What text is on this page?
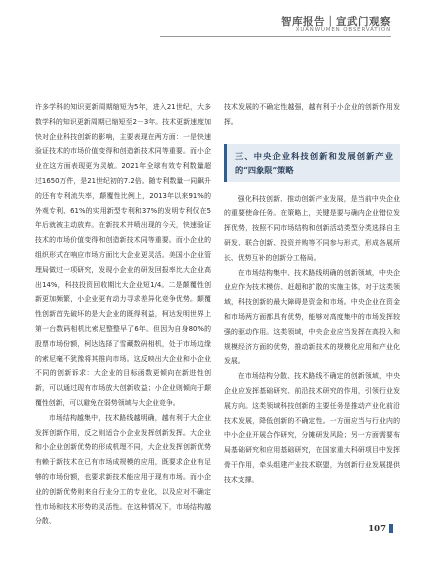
智库报告｜宣武门观察
XUANWUMEN OBSERVATION

许多学科的知识更新周期缩短为5年，进入21世纪，大多数学科的知识更新周期已缩短至2－3年。技术更新速度加快对企业科技创新的影响，主要表现在两方面：一是快速验证技术的市场价值变得和创造新技术同等重要。而小企业在这方面表现更为灵敏。2021年全球有效专利数量超过1650万件，是21世纪初的7.2倍。随专利数量一同飙升的还有专利流失率，颠覆性比例上，2013年以来91%的外观专利、61%的实用新型专利和37%的发明专利仅在5年后就被主动放弃。在新技术井喷出现的今天，快速验证技术的市场价值变得和创造新技术同等重要。而小企业的组织形式在响应市场方面比大企业更灵活。美国小企业管理局做过一项研究，发现小企业的研发回报率比大企业高出14%，科技投资回收期比大企业短1/4。二是颠覆性创新更加频繁，小企业更有动力寻求差异化竞争优势。颠覆性创新首先破坏的是大企业的既得利益，柯达发明世界上第一台数码相机比索尼整整早了6年。但因为自身80%的股票市场份额，柯达选择了雪藏数码相机，处于市场边缘的索尼毫不犹豫将其推向市场。这反映出大企业和小企业不同的创新诉求：大企业的目标函数更倾向在新进性创新，可以通过现有市场放大创新收益；小企业则倾向于颠覆性创新，可以避免在弱势领域与大企业竞争。

市场结构越集中，技术路线越明确，越有利于大企业发挥创新作用，反之则适合小企业发挥创新发挥。大企业和小企业创新优势的形成机理不同，大企业发挥创新优势有赖于新技术在已有市场成规模的应用，既要求企业有足够的市场份额，也要求新技术能应用于现有市场。而小企业的创新优势则来自行业分工的专业化，以及应对不确定性市场和技术形势的灵活性。在这种情况下，市场结构越分散、

技术发展的不确定性越强，越有利于小企业的创新作用发挥。

三、中央企业科技创新和发展创新产业的“四象限”策略

强化科技创新、推动创新产业发展，是当前中央企业的重要使命任务。在策略上，关键是要与确内企业错位发挥优势，按照不同市场结构和创新活动类型分类选择自主研发、联合创新、投资并购等不同参与形式，形成各展所长、优势互补的创新分工格局。

在市场结构集中、技术路线明确的创新领域，中央企业应作为技术模仿、赶超和扩散的实施主体，对于这类领域，科技创新的最大障碍是资金和市场。中央企业在资金和市场两方面都具有优势，能够对高度集中的市场发挥较强的驱动作用。这类领域，中央企业应当发挥在高投入和规模经济方面的优势，推动新技术的规模化应用和产业化发展。

在市场结构分散、技术路线不确定的创新领域，中央企业应发挥基础研究、前沿技术研究的作用，引领行业发展方向。这类领域科技创新的主要任务是推动产业化前沿技术发展，降低创新的不确定性。一方面应当与行业内的中小企业开展合作研究，分摊研发风险；另一方面需要布局基础研究和应用基础研究，在国家重大科研项目中发挥骨干作用，牵头组建产业技术联盟，为创新行业发展提供技术支撑。

107
